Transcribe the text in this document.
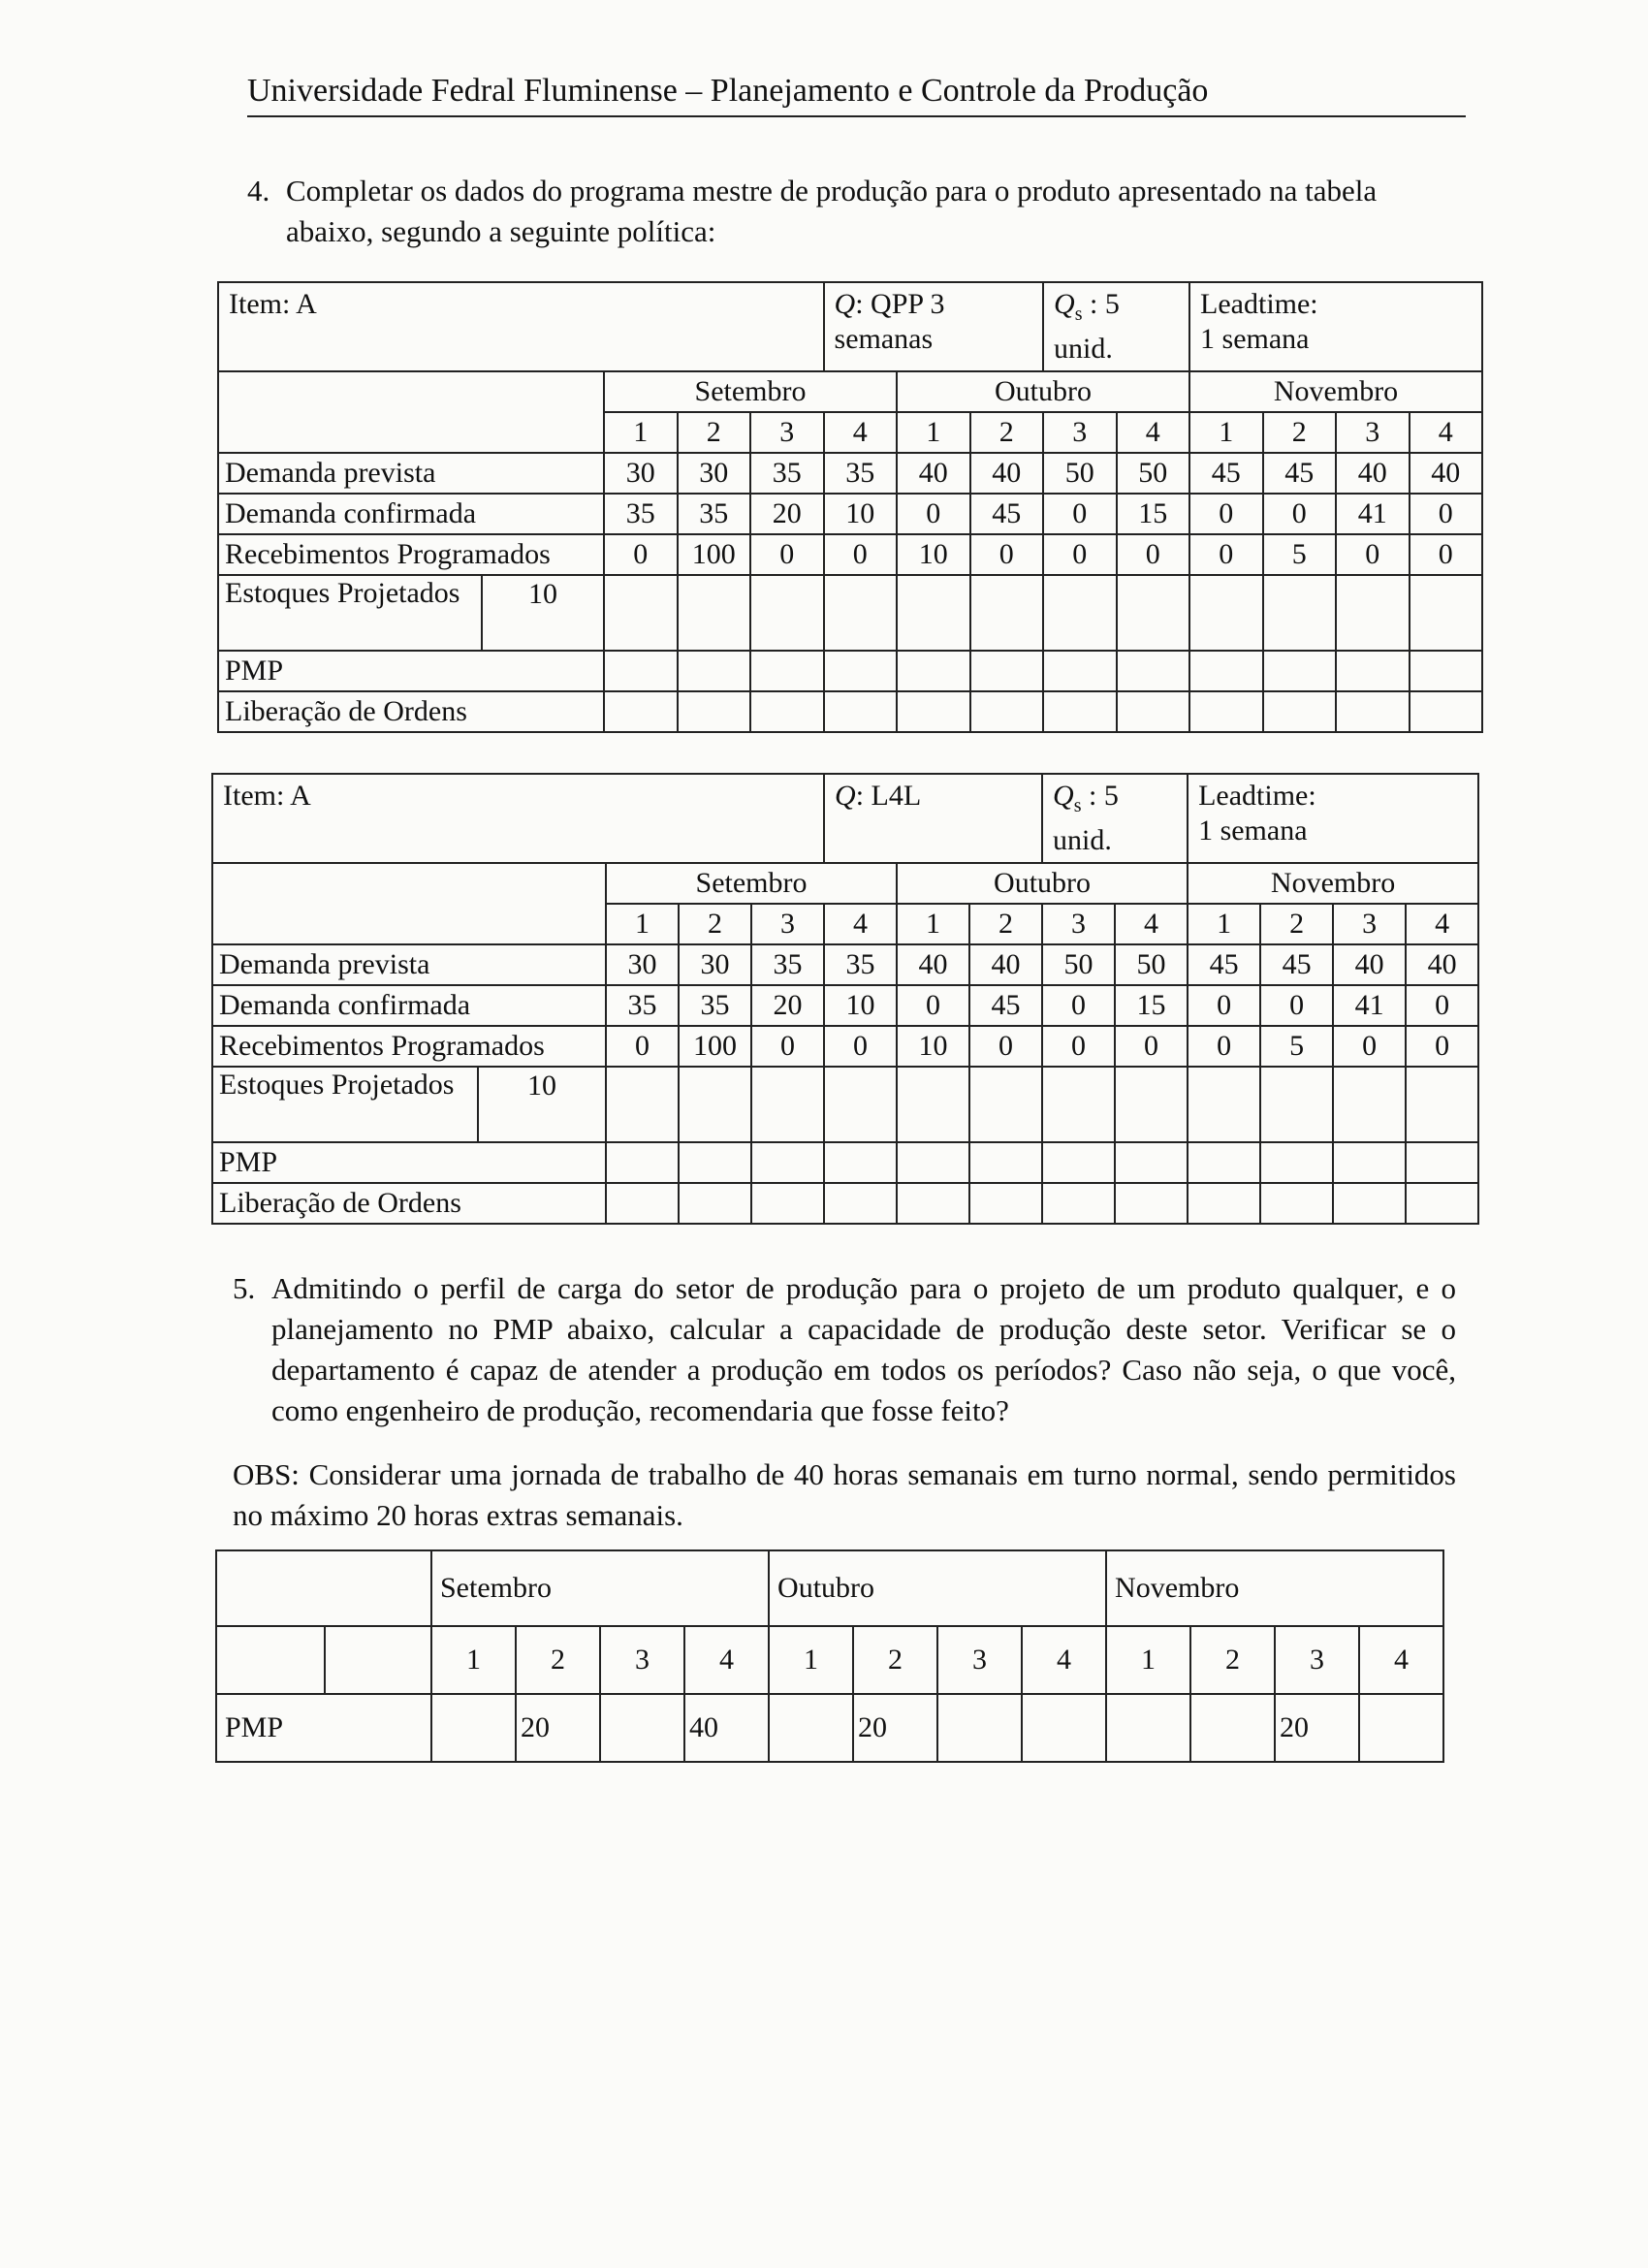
Universidade Fedral Fluminense – Planejamento e Controle da Produção
4. Completar os dados do programa mestre de produção para o produto apresentado na tabela abaixo, segundo a seguinte política:
Item: A					Q: QPP 3 semanas			$Q_s$ : 5 unid.		Leadtime:
1 semana			
		Setembro				Outubro				Novembro			
		1	2	3	4	1	2	3	4	1	2	3	4
Demanda prevista		30	30	35	35	40	40	50	50	45	45	40	40
Demanda confirmada		35	35	20	10	0	45	0	15	0	0	41	0
Recebimentos Programados		0	100	0	0	10	0	0	0	0	5	0	0
Estoques Projetados	10												
PMP													
Liberação de Ordens													
Item: A					Q: L4L			$Q_s$ : 5 unid.		Leadtime:
1 semana			
		Setembro				Outubro				Novembro			
		1	2	3	4	1	2	3	4	1	2	3	4
Demanda prevista		30	30	35	35	40	40	50	50	45	45	40	40
Demanda confirmada		35	35	20	10	0	45	0	15	0	0	41	0
Recebimentos Programados		0	100	0	0	10	0	0	0	0	5	0	0
Estoques Projetados	10												
PMP													
Liberação de Ordens													
5. Admitindo o perfil de carga do setor de produção para o projeto de um produto qualquer, e o planejamento no PMP abaixo, calcular a capacidade de produção deste setor. Verificar se o departamento é capaz de atender a produção em todos os períodos? Caso não seja, o que você, como engenheiro de produção, recomendaria que fosse feito?
OBS: Considerar uma jornada de trabalho de 40 horas semanais em turno normal, sendo permitidos no máximo 20 horas extras semanais.
		Setembro				Outubro				Novembro			
		1	2	3	4	1	2	3	4	1	2	3	4
PMP			20		40		20					20	
